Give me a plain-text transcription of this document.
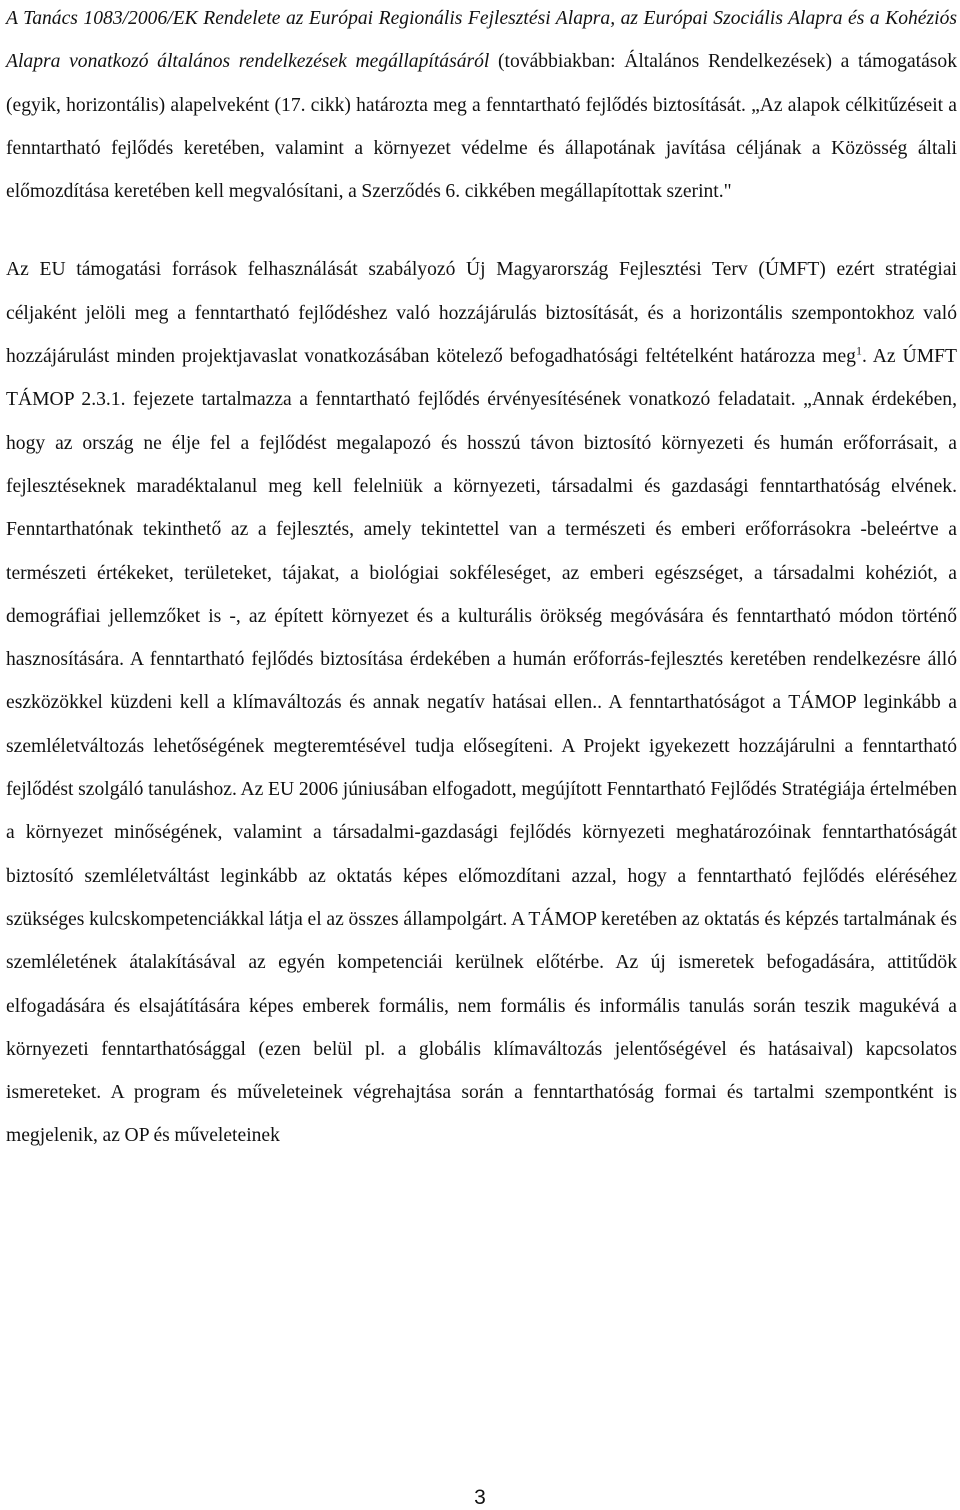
A Tanács 1083/2006/EK Rendelete az Európai Regionális Fejlesztési Alapra, az Európai Szociális Alapra és a Kohéziós Alapra vonatkozó általános rendelkezések megállapításáról (továbbiakban: Általános Rendelkezések) a támogatások (egyik, horizontális) alapelveként (17. cikk) határozta meg a fenntartható fejlődés biztosítását. „Az alapok célkitűzéseit a fenntartható fejlődés keretében, valamint a környezet védelme és állapotának javítása céljának a Közösség általi előmozdítása keretében kell megvalósítani, a Szerződés 6. cikkében megállapítottak szerint."

Az EU támogatási források felhasználását szabályozó Új Magyarország Fejlesztési Terv (ÚMFT) ezért stratégiai céljaként jelöli meg a fenntartható fejlődéshez való hozzájárulás biztosítását, és a horizontális szempontokhoz való hozzájárulást minden projektjavaslat vonatkozásában kötelező befogadhatósági feltételként határozza meg$^1$. Az ÚMFT TÁMOP 2.3.1. fejezete tartalmazza a fenntartható fejlődés érvényesítésének vonatkozó feladatait. „Annak érdekében, hogy az ország ne élje fel a fejlődést megalapozó és hosszú távon biztosító környezeti és humán erőforrásait, a fejlesztéseknek maradéktalanul meg kell felelniük a környezeti, társadalmi és gazdasági fenntarthatóság elvének. Fenntarthatónak tekinthető az a fejlesztés, amely tekintettel van a természeti és emberi erőforrásokra -beleértve a természeti értékeket, területeket, tájakat, a biológiai sokféleséget, az emberi egészséget, a társadalmi kohéziót, a demográfiai jellemzőket is -, az épített környezet és a kulturális örökség megóvására és fenntartható módon történő hasznosítására. A fenntartható fejlődés biztosítása érdekében a humán erőforrás-fejlesztés keretében rendelkezésre álló eszközökkel küzdeni kell a klímaváltozás és annak negatív hatásai ellen.. A fenntarthatóságot a TÁMOP leginkább a szemléletváltozás lehetőségének megteremtésével tudja elősegíteni. A Projekt igyekezett hozzájárulni a fenntartható fejlődést szolgáló tanuláshoz. Az EU 2006 júniusában elfogadott, megújított Fenntartható Fejlődés Stratégiája értelmében a környezet minőségének, valamint a társadalmi-gazdasági fejlődés környezeti meghatározóinak fenntarthatóságát biztosító szemléletváltást leginkább az oktatás képes előmozdítani azzal, hogy a fenntartható fejlődés eléréséhez szükséges kulcskompetenciákkal látja el az összes állampolgárt. A TÁMOP keretében az oktatás és képzés tartalmának és szemléletének átalakításával az egyén kompetenciái kerülnek előtérbe. Az új ismeretek befogadására, attitűdök elfogadására és elsajátítására képes emberek formális, nem formális és informális tanulás során teszik magukévá a környezeti fenntarthatósággal (ezen belül pl. a globális klímaváltozás jelentőségével és hatásaival) kapcsolatos ismereteket. A program és műveleteinek végrehajtása során a fenntarthatóság formai és tartalmi szempontként is megjelenik, az OP és műveleteinek

3
